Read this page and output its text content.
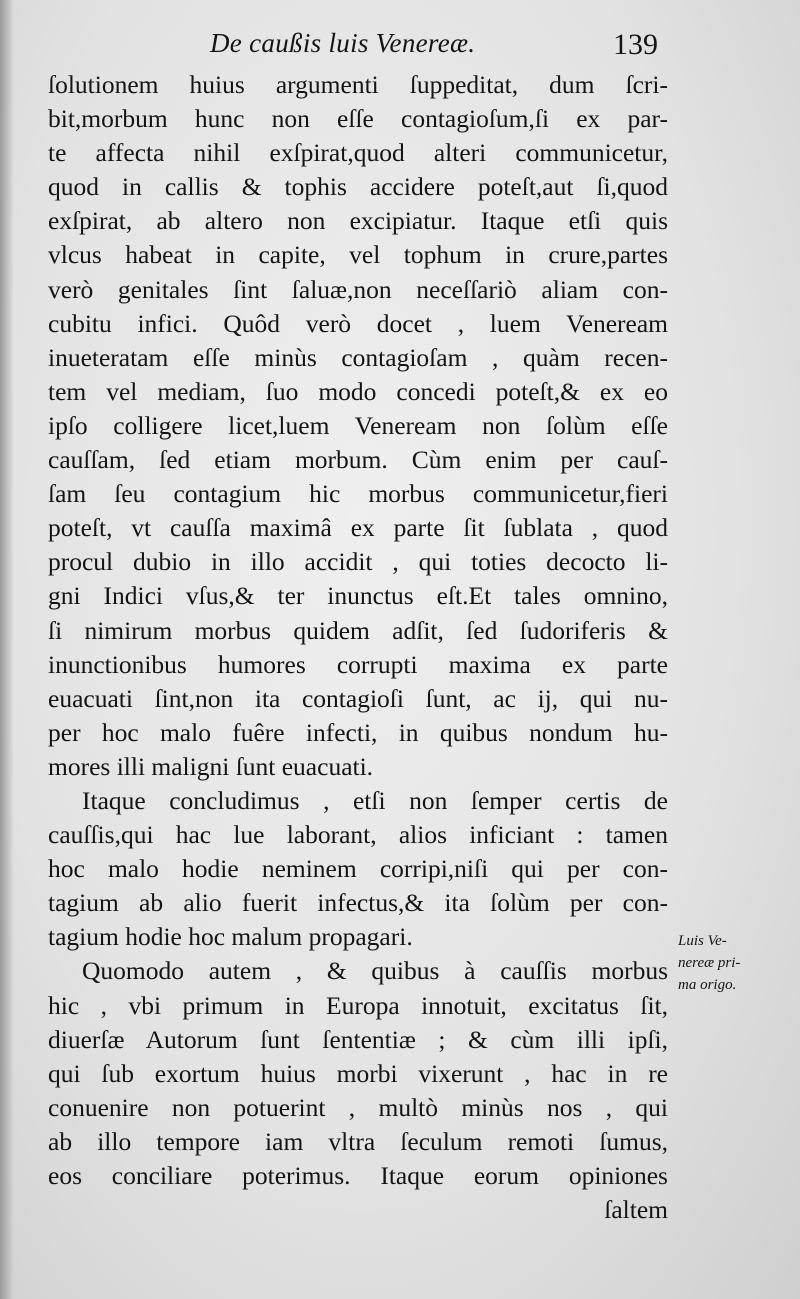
De caußis luis Venereæ.	139
ſolutionem huius argumenti ſuppeditat, dum ſcri-
bit,morbum hunc non eſſe contagioſum,ſi ex par-
te affecta nihil exſpirat,quod alteri communicetur,
quod in callis & tophis accidere poteſt,aut ſi,quod
exſpirat, ab altero non excipiatur. Itaque etſi quis
vlcus habeat in capite, vel tophum in crure,partes
verò genitales ſint ſaluæ,non neceſſariò aliam con-
cubitu infici. Quôd verò docet , luem Veneream
inueteratam eſſe minùs contagioſam , quàm recen-
tem vel mediam, ſuo modo concedi poteſt,& ex eo
ipſo colligere licet,luem Veneream non ſolùm eſſe
cauſſam, ſed etiam morbum. Cùm enim per cauſ-
ſam ſeu contagium hic morbus communicetur,fieri
poteſt, vt cauſſa maximâ ex parte ſit ſublata , quod
procul dubio in illo accidit , qui toties decocto li-
gni Indici vſus,& ter inunctus eſt.Et tales omnino,
ſi nimirum morbus quidem adſit, ſed ſudoriferis &
inunctionibus humores corrupti maxima ex parte
euacuati ſint,non ita contagioſi ſunt, ac ij, qui nu-
per hoc malo fuêre infecti, in quibus nondum hu-
mores illi maligni ſunt euacuati.
Itaque concludimus , etſi non ſemper certis de
cauſſis,qui hac lue laborant, alios inficiant : tamen
hoc malo hodie neminem corripi,niſi qui per con-
tagium ab alio fuerit infectus,& ita ſolùm per con-
tagium hodie hoc malum propagari.
Quomodo autem , & quibus à cauſſis morbus
hic , vbi primum in Europa innotuit, excitatus ſit,
diuerſæ Autorum ſunt ſententiæ ; & cùm illi ipſi,
qui ſub exortum huius morbi vixerunt , hac in re
conuenire non potuerint , multò minùs nos , qui
ab illo tempore iam vltra ſeculum remoti ſumus,
eos conciliare poterimus. Itaque eorum opiniones
ſaltem
Luis Ve-
nereæ pri-
ma origo.
